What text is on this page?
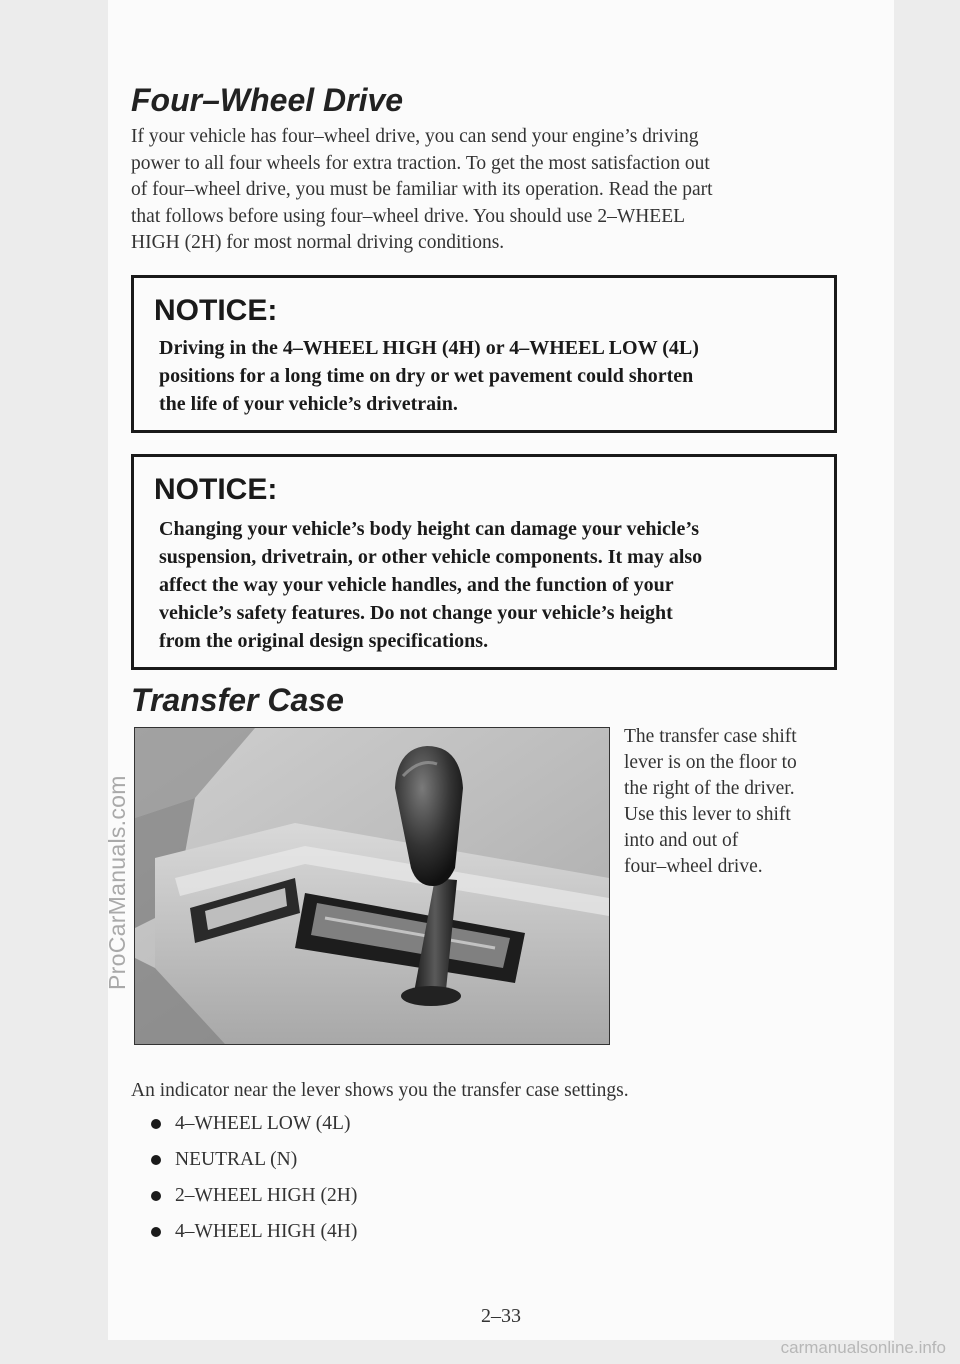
ProCarManuals.com
carmanualsonline.info
Four–Wheel Drive

If your vehicle has four–wheel drive, you can send your engine’s driving
power to all four wheels for extra traction. To get the most satisfaction out
of four–wheel drive, you must be familiar with its operation. Read the part
that follows before using four–wheel drive. You should use 2–WHEEL
HIGH (2H) for most normal driving conditions.

NOTICE:

Driving in the 4–WHEEL HIGH (4H) or 4–WHEEL LOW (4L)
positions for a long time on dry or wet pavement could shorten
the life of your vehicle’s drivetrain.

NOTICE:

Changing your vehicle’s body height can damage your vehicle’s
suspension, drivetrain, or other vehicle components. It may also
affect the way your vehicle handles, and the function of your
vehicle’s safety features. Do not change your vehicle’s height
from the original design specifications.

Transfer Case

The transfer case shift
lever is on the floor to
the right of the driver.
Use this lever to shift
into and out of
four–wheel drive.

An indicator near the lever shows you the transfer case settings.

4–WHEEL LOW (4L)
NEUTRAL (N)
2–WHEEL HIGH (2H)
4–WHEEL HIGH (4H)
2–33
